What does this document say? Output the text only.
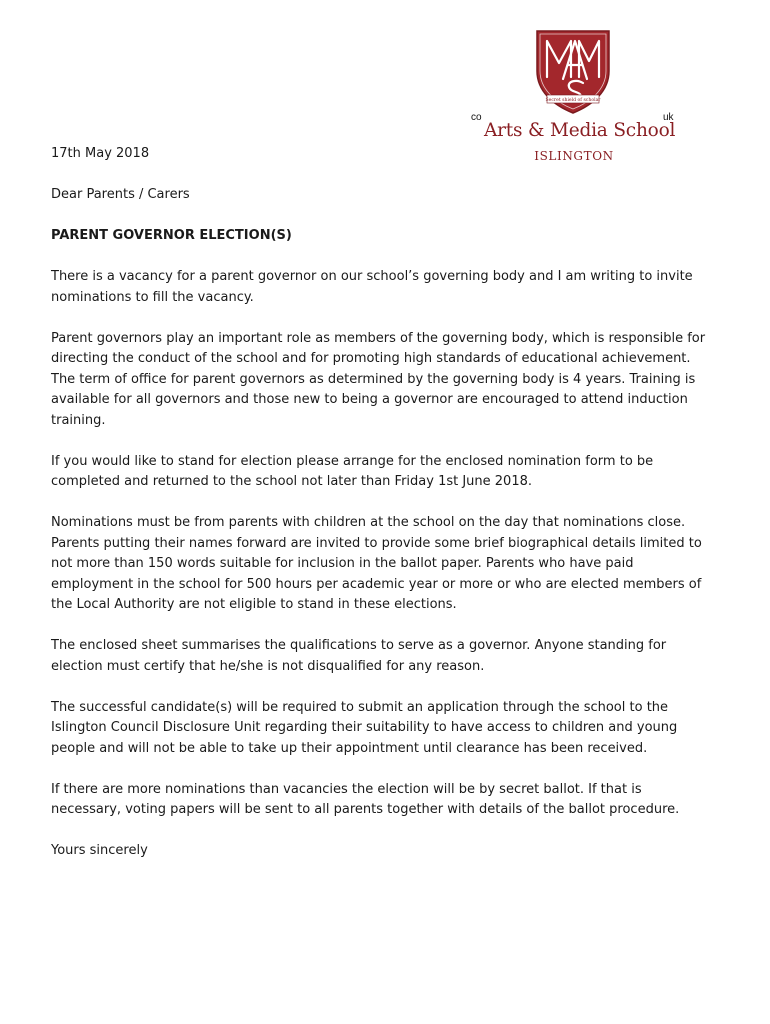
Secret shield of scholar
co	uk
Arts & Media School
ISLINGTON

17th May 2018

Dear Parents / Carers

PARENT GOVERNOR ELECTION(S)

There is a vacancy for a parent governor on our school’s governing body and I am writing to invite nominations to fill the vacancy.

Parent governors play an important role as members of the governing body, which is responsible for directing the conduct of the school and for promoting high standards of educational achievement. The term of office for parent governors as determined by the governing body is 4 years. Training is available for all governors and those new to being a governor are encouraged to attend induction training.

If you would like to stand for election please arrange for the enclosed nomination form to be completed and returned to the school not later than Friday 1st June 2018.

Nominations must be from parents with children at the school on the day that nominations close. Parents putting their names forward are invited to provide some brief biographical details limited to not more than 150 words suitable for inclusion in the ballot paper. Parents who have paid employment in the school for 500 hours per academic year or more or who are elected members of the Local Authority are not eligible to stand in these elections.

The enclosed sheet summarises the qualifications to serve as a governor. Anyone standing for election must certify that he/she is not disqualified for any reason.

The successful candidate(s) will be required to submit an application through the school to the Islington Council Disclosure Unit regarding their suitability to have access to children and young people and will not be able to take up their appointment until clearance has been received.

If there are more nominations than vacancies the election will be by secret ballot. If that is necessary, voting papers will be sent to all parents together with details of the ballot procedure.

Yours sincerely
